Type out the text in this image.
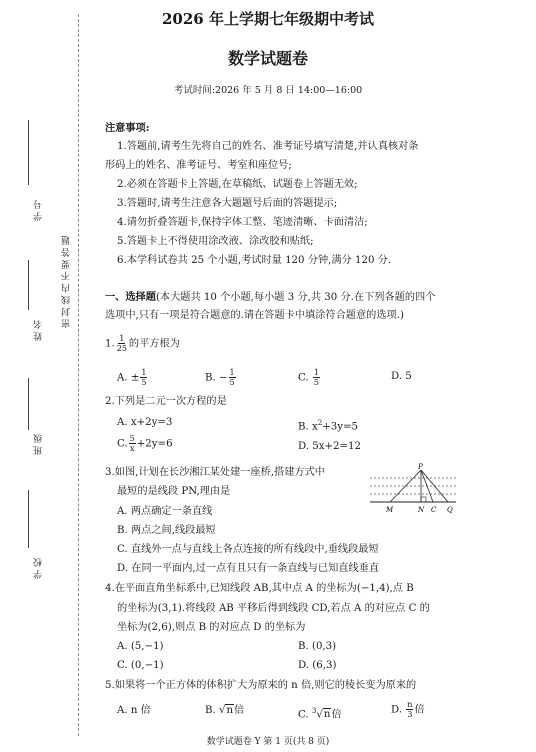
密 封 线 内 不 要 答 题
学 号
姓 名
班 级
学 校
2026 年上学期七年级期中考试
数学试题卷
考试时间:2026 年 5 月 8 日 14:00—16:00
注意事项:
1.答题前,请考生先将自己的姓名、准考证号填写清楚,并认真核对条
形码上的姓名、准考证号、考室和座位号;
2.必须在答题卡上答题,在草稿纸、试题卷上答题无效;
3.答题时,请考生注意各大题题号后面的答题提示;
4.请勿折叠答题卡,保持字体工整、笔迹清晰、卡面清洁;
5.答题卡上不得使用涂改液、涂改胶和贴纸;
6.本学科试卷共 25 个小题,考试时量 120 分钟,满分 120 分.
一、选择题(本大题共 10 个小题,每小题 3 分,共 30 分.在下列各题的四个
选项中,只有一项是符合题意的.请在答题卡中填涂符合题意的选项.)
1. $\frac{1}{25}$ 的平方根为
A. ± $\frac{1}{5}$	B. − $\frac{1}{5}$	C. $\frac{1}{5}$	D. 5
2.下列是二元一次方程的是
A. x+2y=3	B. $x^2+3y=5$
C. $\frac{5}{x} +2y=6$	D. 5x+2=12
3.如图,计划在长沙湘江某处建一座桥,搭建方式中
最短的是线段 PN,理由是
A. 两点确定一条直线
B. 两点之间,线段最短
C. 直线外一点与直线上各点连接的所有线段中,垂线段最短
D. 在同一平面内,过一点有且只有一条直线与已知直线垂直
P
M	N C Q
4.在平面直角坐标系中,已知线段 AB,其中点 A 的坐标为(−1,4),点 B
的坐标为(3,1).将线段 AB 平移后得到线段 CD,若点 A 的对应点 C 的
坐标为(2,6),则点 B 的对应点 D 的坐标为
A. (5,−1)	B. (0,3)
C. (0,−1)	D. (6,3)
5.如果将一个正方体的体积扩大为原来的 n 倍,则它的棱长变为原来的
A. n 倍	B. √n倍	C. $^3$√n倍	D. $\frac{n}{3}$ 倍
数学试题卷 Y 第 1 页(共 8 页)
